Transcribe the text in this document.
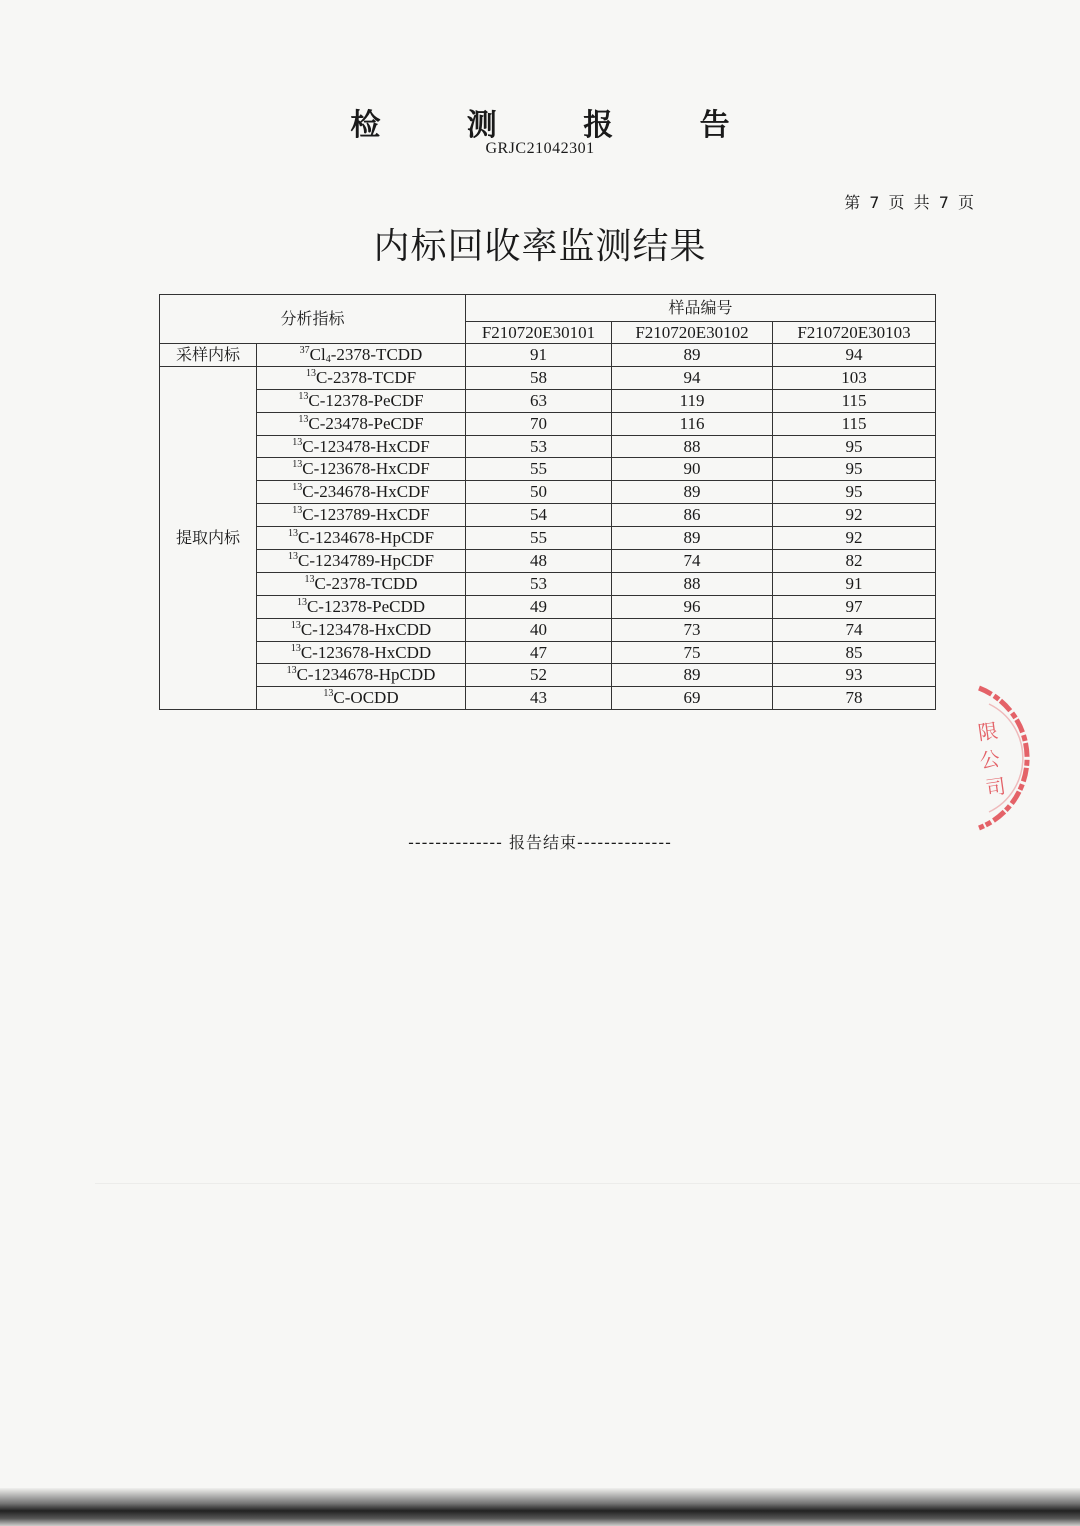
检 测 报 告
GRJC21042301
第 7 页 共 7 页
内标回收率监测结果
分析指标		样品编号		
		F210720E30101	F210720E30102	F210720E30103
采样内标	$^{37}Cl_4-2378$-TCDD	91	89	94
提取内标	$^{13}$C-2378-TCDF	58	94	103
	$^{13}$C-12378-PeCDF	63	119	115
	$^{13}$C-23478-PeCDF	70	116	115
	$^{13}$C-123478-HxCDF	53	88	95
	$^{13}$C-123678-HxCDF	55	90	95
	$^{13}$C-234678-HxCDF	50	89	95
	$^{13}$C-123789-HxCDF	54	86	92
	$^{13}$C-1234678-HpCDF	55	89	92
	$^{13}$C-1234789-HpCDF	48	74	82
	$^{13}$C-2378-TCDD	53	88	91
	$^{13}$C-12378-PeCDD	49	96	97
	$^{13}$C-123478-HxCDD	40	73	74
	$^{13}$C-123678-HxCDD	47	75	85
	$^{13}$C-1234678-HpCDD	52	89	93
	$^{13}$C-OCDD	43	69	78
-------------- 报告结束--------------
限公司
